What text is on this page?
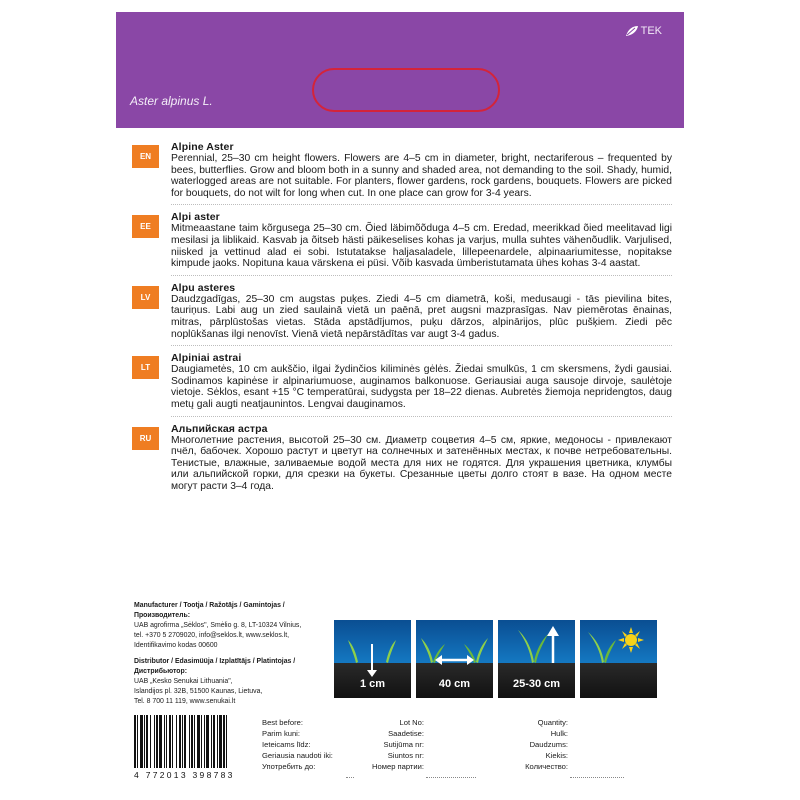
TEK
Aster alpinus L.
EN
Alpine Aster
Perennial, 25–30 cm height flowers. Flowers are 4–5 cm in diameter, bright, nectariferous – frequented by bees, butterflies. Grow and bloom both in a sunny and shaded area, not demanding to the soil. Shady, humid, waterlogged areas are not suitable. For planters, flower gardens, rock gardens, bouquets. Flowers are picked for bouquets, do not wilt for long when cut. In one place can grow for 3-4 years.
EE
Alpi aster
Mitmeaastane taim kõrgusega 25–30 cm. Õied läbimõõduga 4–5 cm. Eredad, meerikkad õied meelitavad ligi mesilasi ja liblikaid. Kasvab ja õitseb hästi päikeselises kohas ja varjus, mulla suhtes vähenõudlik. Varjulised, niisked ja vettinud alad ei sobi. Istutatakse haljasaladele, lillepeenardele, alpinaariumitesse, nopitakse kimpude jaoks. Nopituna kaua värskena ei püsi. Võib kasvada ümberistutamata ühes kohas 3-4 aastat.
LV
Alpu asteres
Daudzgadīgas, 25–30 cm augstas puķes. Ziedi 4–5 cm diametrā, koši, medusaugi - tās pievilina bites, tauriņus. Labi aug un zied saulainā vietā un paēnā, pret augsni mazprasīgas. Nav piemērotas ēnainas, mitras, pārplūstošas vietas. Stāda apstādījumos, puķu dārzos, alpinārijos, plūc pušķiem. Ziedi pēc noplūkšanas ilgi nenovīst. Vienā vietā nepārstādītas var augt 3-4 gadus.
LT
Alpiniai astrai
Daugiametės, 10 cm aukščio, ilgai žydinčios kiliminės gėlės. Žiedai smulkūs, 1 cm skersmens, žydi gausiai. Sodinamos kapinėse ir alpinariumuose, auginamos balkonuose. Geriausiai auga sausoje dirvoje, saulėtoje vietoje. Sėklos, esant +15 °C temperatūrai, sudygsta per 18–22 dienas. Aubretės žiemoja nepridengtos, daug metų gali augti neatjaunintos. Lengvai dauginamos.
RU
Альпийская астра
Многолетние растения, высотой 25–30 см. Диаметр соцветия 4–5 см, яркие, медоносы - привлекают пчёл, бабочек. Хорошо растут и цветут на солнечных и затенённых местах, к почве нетребовательны. Тенистые, влажные, заливаемые водой места для них не годятся. Для украшения цветника, клумбы или альпийской горки, для срезки на букеты. Срезанные цветы долго стоят в вазе. На одном месте могут расти 3–4 года.
Manufacturer / Tootja / Ražotājs / Gamintojas / Производитель:
UAB agrofirma „Sėklos", Smėlio g. 8, LT-10324 Vilnius,
tel. +370 5 2709020, info@seklos.lt, www.seklos.lt,
Identifikavimo kodas 00600
Distributor / Edasimüüja / Izplatītājs / Platintojas / Дистрибьютор:
UAB „Kesko Senukai Lithuania",
Islandijos pl. 32B, 51500 Kaunas, Lietuva,
Tel. 8 700 11 119, www.senukai.lt
1 cm	40 cm	25-30 cm
4 772013 398783
Best before:
Parim kuni:
Ieteicams līdz:
Geriausia naudoti iki:
Употребить до:
Lot No:
Saadetise:
Sutijūma nr:
Siuntos nr:
Номер партии:
Quantity:
Hulk:
Daudzums:
Kiekis:
Количество:
